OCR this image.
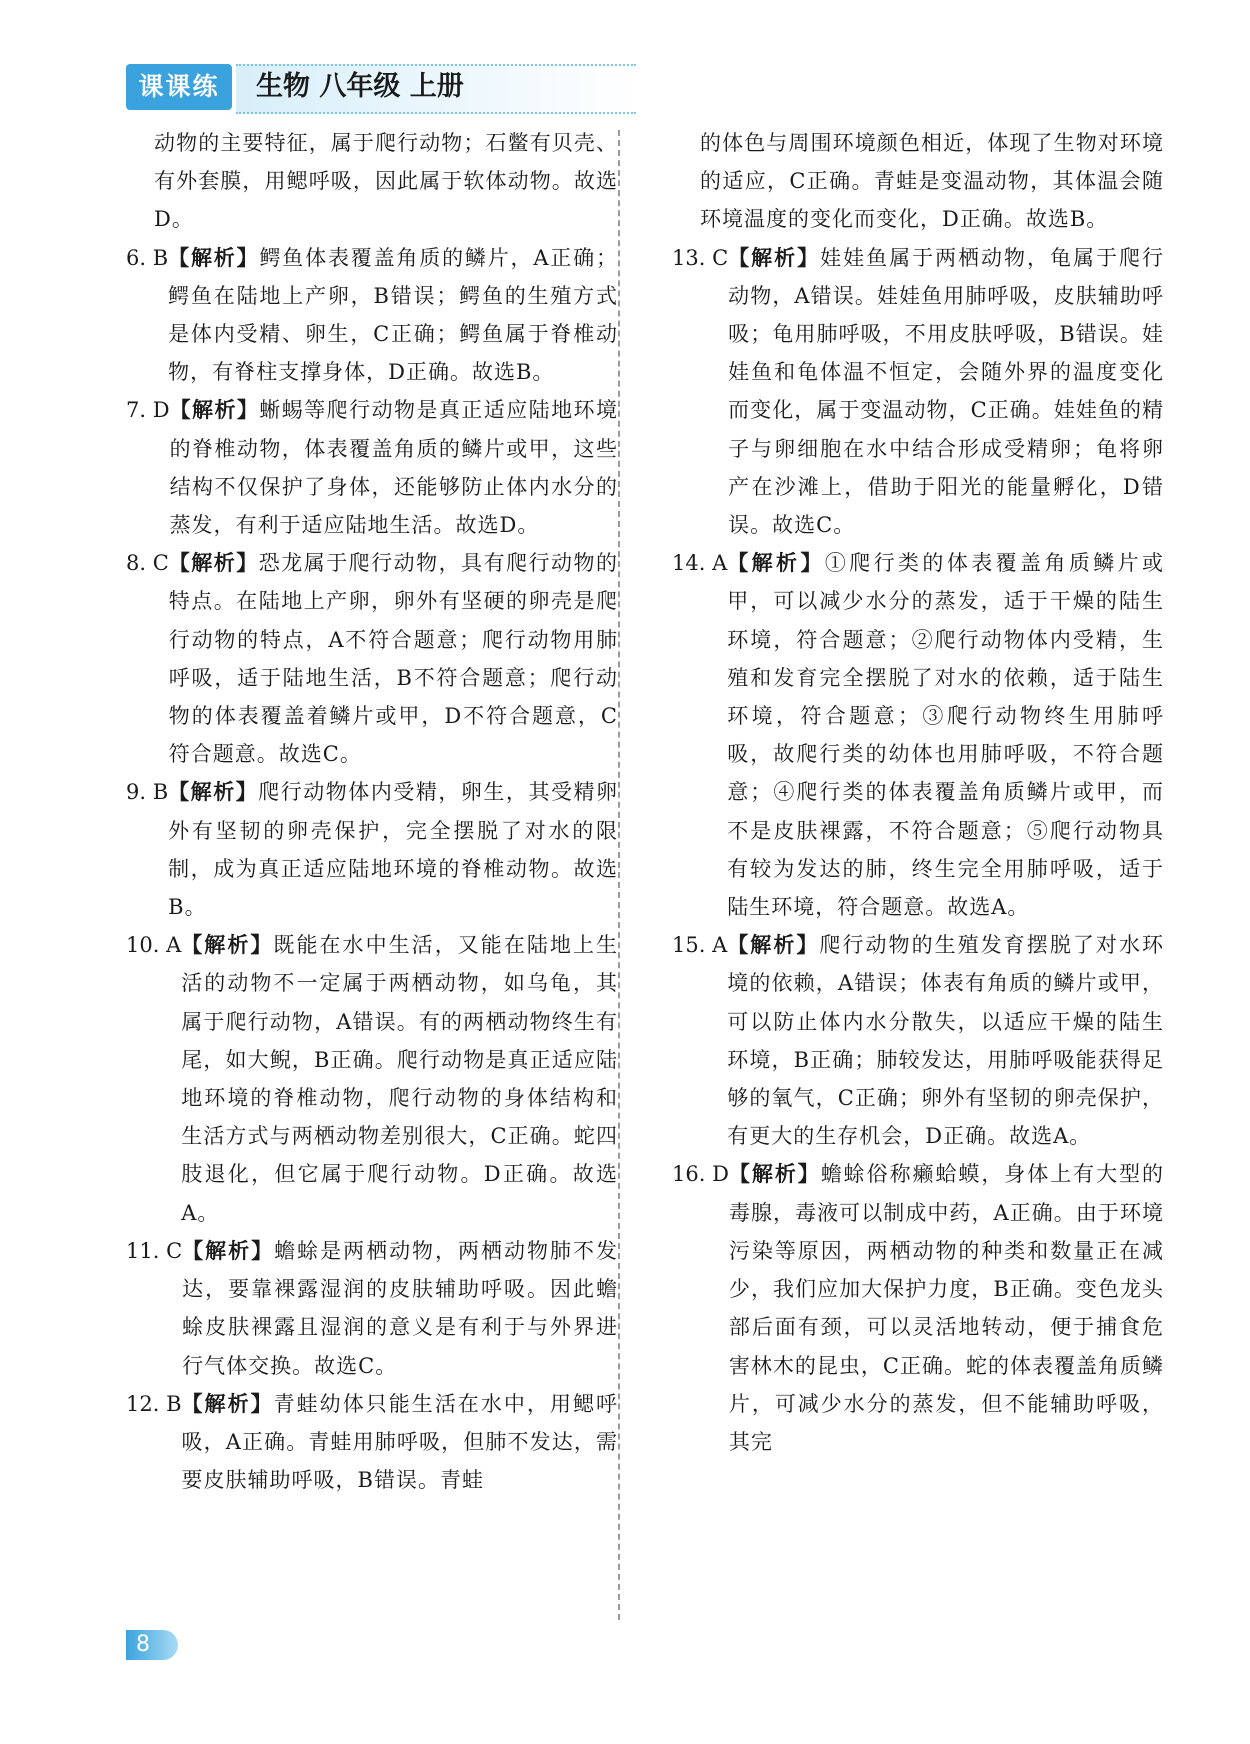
课课练	生物 八年级 上册

动物的主要特征，属于爬行动物；石鳖有贝壳、有外套膜，用鳃呼吸，因此属于软体动物。故选D。

6. B 【解析】鳄鱼体表覆盖角质的鳞片，A正确；鳄鱼在陆地上产卵，B错误；鳄鱼的生殖方式是体内受精、卵生，C正确；鳄鱼属于脊椎动物，有脊柱支撑身体，D正确。故选B。

7. D 【解析】蜥蜴等爬行动物是真正适应陆地环境的脊椎动物，体表覆盖角质的鳞片或甲，这些结构不仅保护了身体，还能够防止体内水分的蒸发，有利于适应陆地生活。故选D。

8. C 【解析】恐龙属于爬行动物，具有爬行动物的特点。在陆地上产卵，卵外有坚硬的卵壳是爬行动物的特点，A不符合题意；爬行动物用肺呼吸，适于陆地生活，B不符合题意；爬行动物的体表覆盖着鳞片或甲，D不符合题意，C符合题意。故选C。

9. B 【解析】爬行动物体内受精，卵生，其受精卵外有坚韧的卵壳保护，完全摆脱了对水的限制，成为真正适应陆地环境的脊椎动物。故选B。

10. A 【解析】既能在水中生活，又能在陆地上生活的动物不一定属于两栖动物，如乌龟，其属于爬行动物，A错误。有的两栖动物终生有尾，如大鲵，B正确。爬行动物是真正适应陆地环境的脊椎动物，爬行动物的身体结构和生活方式与两栖动物差别很大，C正确。蛇四肢退化，但它属于爬行动物。D正确。故选A。

11. C 【解析】蟾蜍是两栖动物，两栖动物肺不发达，要靠裸露湿润的皮肤辅助呼吸。因此蟾蜍皮肤裸露且湿润的意义是有利于与外界进行气体交换。故选C。

12. B 【解析】青蛙幼体只能生活在水中，用鳃呼吸，A正确。青蛙用肺呼吸，但肺不发达，需要皮肤辅助呼吸，B错误。青蛙

的体色与周围环境颜色相近，体现了生物对环境的适应，C正确。青蛙是变温动物，其体温会随环境温度的变化而变化，D正确。故选B。

13. C 【解析】娃娃鱼属于两栖动物，龟属于爬行动物，A错误。娃娃鱼用肺呼吸，皮肤辅助呼吸；龟用肺呼吸，不用皮肤呼吸，B错误。娃娃鱼和龟体温不恒定，会随外界的温度变化而变化，属于变温动物，C正确。娃娃鱼的精子与卵细胞在水中结合形成受精卵；龟将卵产在沙滩上，借助于阳光的能量孵化，D错误。故选C。

14. A 【解析】①爬行类的体表覆盖角质鳞片或甲，可以减少水分的蒸发，适于干燥的陆生环境，符合题意；②爬行动物体内受精，生殖和发育完全摆脱了对水的依赖，适于陆生环境，符合题意；③爬行动物终生用肺呼吸，故爬行类的幼体也用肺呼吸，不符合题意；④爬行类的体表覆盖角质鳞片或甲，而不是皮肤裸露，不符合题意；⑤爬行动物具有较为发达的肺，终生完全用肺呼吸，适于陆生环境，符合题意。故选A。

15. A 【解析】爬行动物的生殖发育摆脱了对水环境的依赖，A错误；体表有角质的鳞片或甲，可以防止体内水分散失，以适应干燥的陆生环境，B正确；肺较发达，用肺呼吸能获得足够的氧气，C正确；卵外有坚韧的卵壳保护，有更大的生存机会，D正确。故选A。

16. D 【解析】蟾蜍俗称癞蛤蟆，身体上有大型的毒腺，毒液可以制成中药，A正确。由于环境污染等原因，两栖动物的种类和数量正在减少，我们应加大保护力度，B正确。变色龙头部后面有颈，可以灵活地转动，便于捕食危害林木的昆虫，C正确。蛇的体表覆盖角质鳞片，可减少水分的蒸发，但不能辅助呼吸，其完

8
